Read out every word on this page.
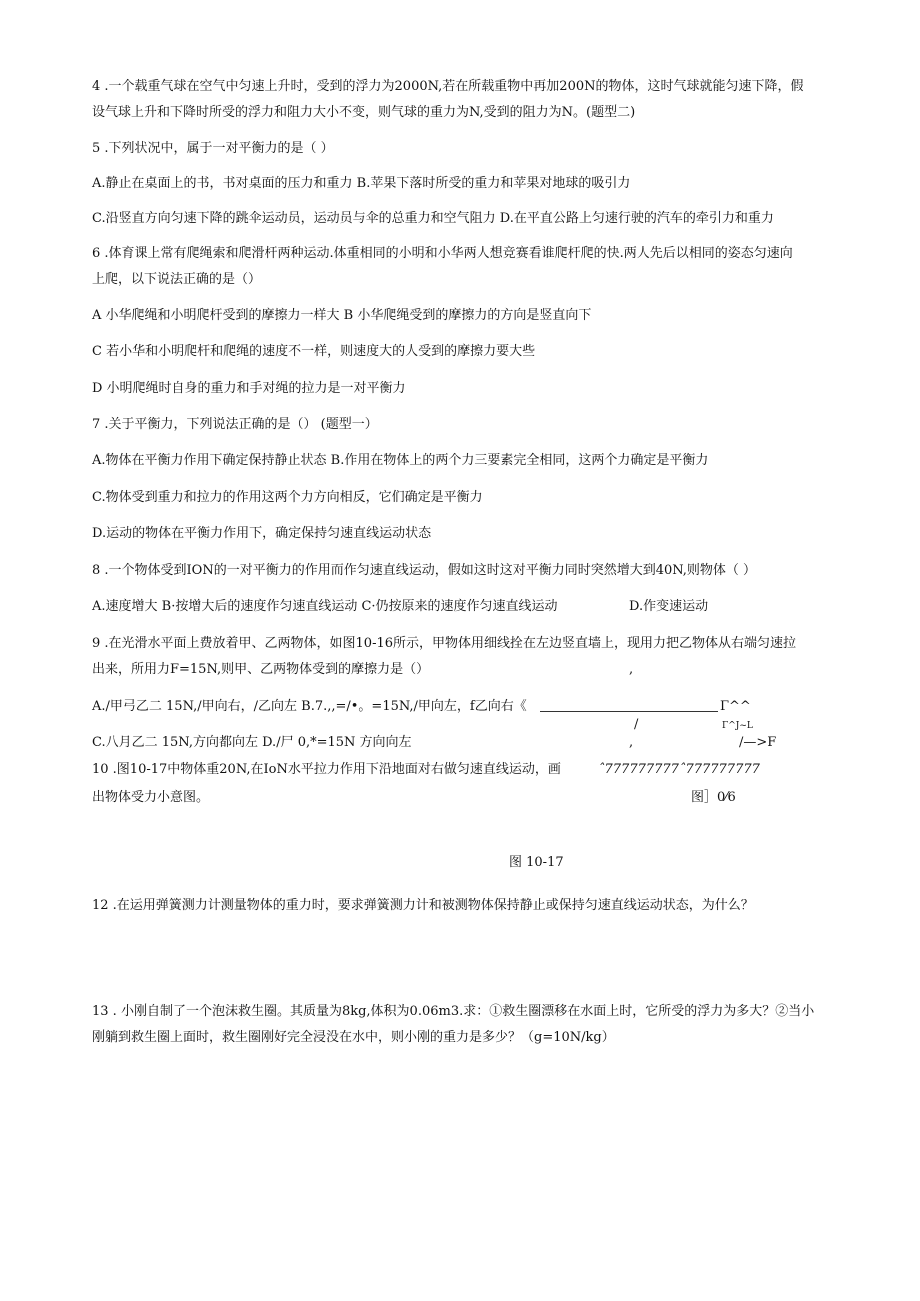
4 .一个载重气球在空气中匀速上升时，受到的浮力为2000N,若在所载重物中再加200N的物体，这时气球就能匀速下降，假
设气球上升和下降时所受的浮力和阻力大小不变，则气球的重力为N,受到的阻力为N。(题型二)
5 .下列状况中，属于一对平衡力的是（ ）
A.静止在桌面上的书，书对桌面的压力和重力 B.苹果下落时所受的重力和苹果对地球的吸引力
C.沿竖直方向匀速下降的跳伞运动员，运动员与伞的总重力和空气阻力 D.在平直公路上匀速行驶的汽车的牵引力和重力
6 .体育课上常有爬绳索和爬滑杆两种运动.体重相同的小明和小华两人想竞赛看谁爬杆爬的快.两人先后以相同的姿态匀速向
上爬，以下说法正确的是（）
A 小华爬绳和小明爬杆受到的摩擦力一样大 B 小华爬绳受到的摩擦力的方向是竖直向下
C 若小华和小明爬杆和爬绳的速度不一样，则速度大的人受到的摩擦力要大些
D 小明爬绳时自身的重力和手对绳的拉力是一对平衡力
7 .关于平衡力，下列说法正确的是（） (题型一）
A.物体在平衡力作用下确定保持静止状态 B.作用在物体上的两个力三要素完全相同，这两个力确定是平衡力
C.物体受到重力和拉力的作用这两个力方向相反，它们确定是平衡力
D.运动的物体在平衡力作用下，确定保持匀速直线运动状态
8 .一个物体受到ION的一对平衡力的作用而作匀速直线运动，假如这时这对平衡力同时突然增大到40N,则物体（ ）
A.速度增大 B·按增大后的速度作匀速直线运动 C·仍按原来的速度作匀速直线运动	D.作变速运动
9 .在光滑水平面上费放着甲、乙两物体，如图10-16所示，甲物体用细线拴在左边竖直墙上，现用力把乙物体从右端匀速拉
出来，所用力F=15N,则甲、乙两物体受到的摩擦力是（）	,
A./甲弓乙二 15N,/甲向右，/乙向左 B.7.,,=/•。=15N,/甲向左，f乙向右《	Γ^^
/	Γ^J~L
C.八月乙二 15N,方向都向左 D./尸 0,*=15N 方向向左	,	/—>F
10 .图10-17中物体重20N,在IoN水平拉力作用下沿地面对右做匀速直线运动，画	ˆ777777777ˆ777777777
出物体受力小意图。	图］0⁄6
图 10-17
12 .在运用弹簧测力计测量物体的重力时，要求弹簧测力计和被测物体保持静止或保持匀速直线运动状态，为什么？
13 . 小刚自制了一个泡沫救生圈。其质量为8kg,体积为0.06m3.求：①救生圈漂移在水面上时，它所受的浮力为多大？②当小
刚躺到救生圈上面时，救生圈刚好完全浸没在水中，则小刚的重力是多少？（g=10N/kg）
